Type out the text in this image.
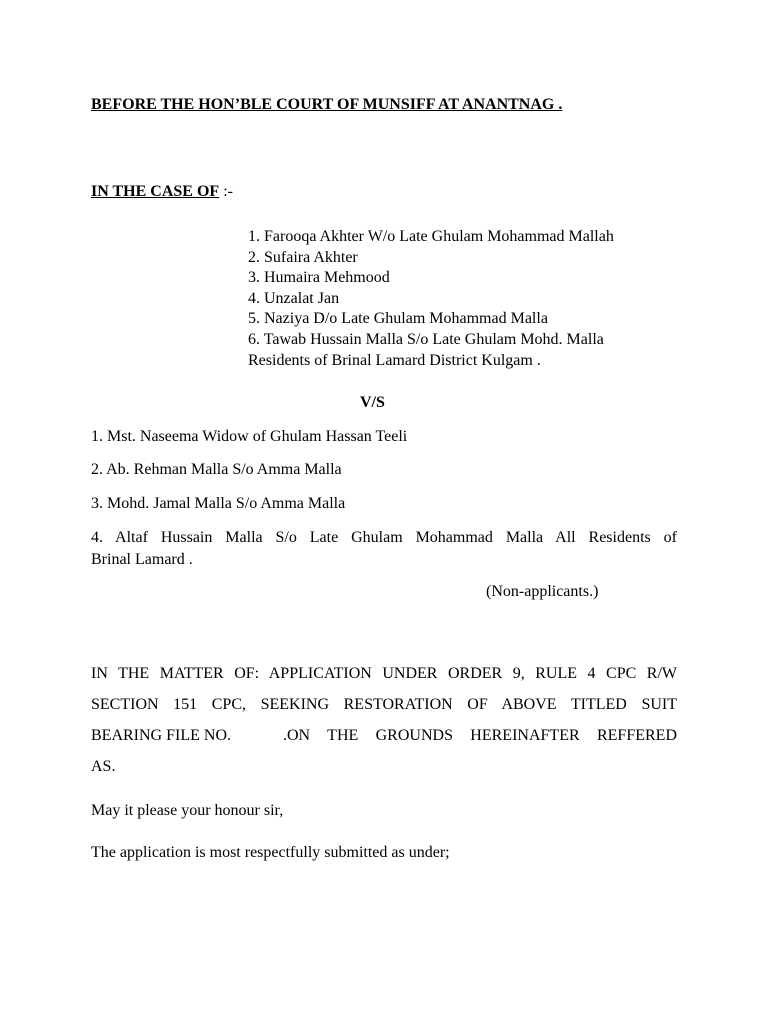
BEFORE THE HON’BLE COURT OF MUNSIFF AT ANANTNAG .
IN THE CASE OF :-
1. Farooqa Akhter W/o Late Ghulam Mohammad Mallah
2. Sufaira Akhter
3. Humaira Mehmood
4. Unzalat Jan
5. Naziya D/o Late Ghulam Mohammad Malla
6. Tawab Hussain Malla S/o Late Ghulam Mohd. Malla
Residents of Brinal Lamard District Kulgam .
V/S
1. Mst. Naseema Widow of Ghulam Hassan Teeli
2. Ab. Rehman Malla S/o Amma Malla
3. Mohd. Jamal Malla S/o Amma Malla
4. Altaf Hussain Malla S/o Late Ghulam Mohammad Malla All Residents of
Brinal Lamard .
(Non-applicants.)
IN THE MATTER OF: APPLICATION UNDER ORDER 9, RULE 4 CPC R/W
SECTION 151 CPC, SEEKING RESTORATION OF ABOVE TITLED SUIT
BEARING FILE NO.	.ON THE GROUNDS HEREINAFTER REFFERED
AS.
May it please your honour sir,
The application is most respectfully submitted as under;
